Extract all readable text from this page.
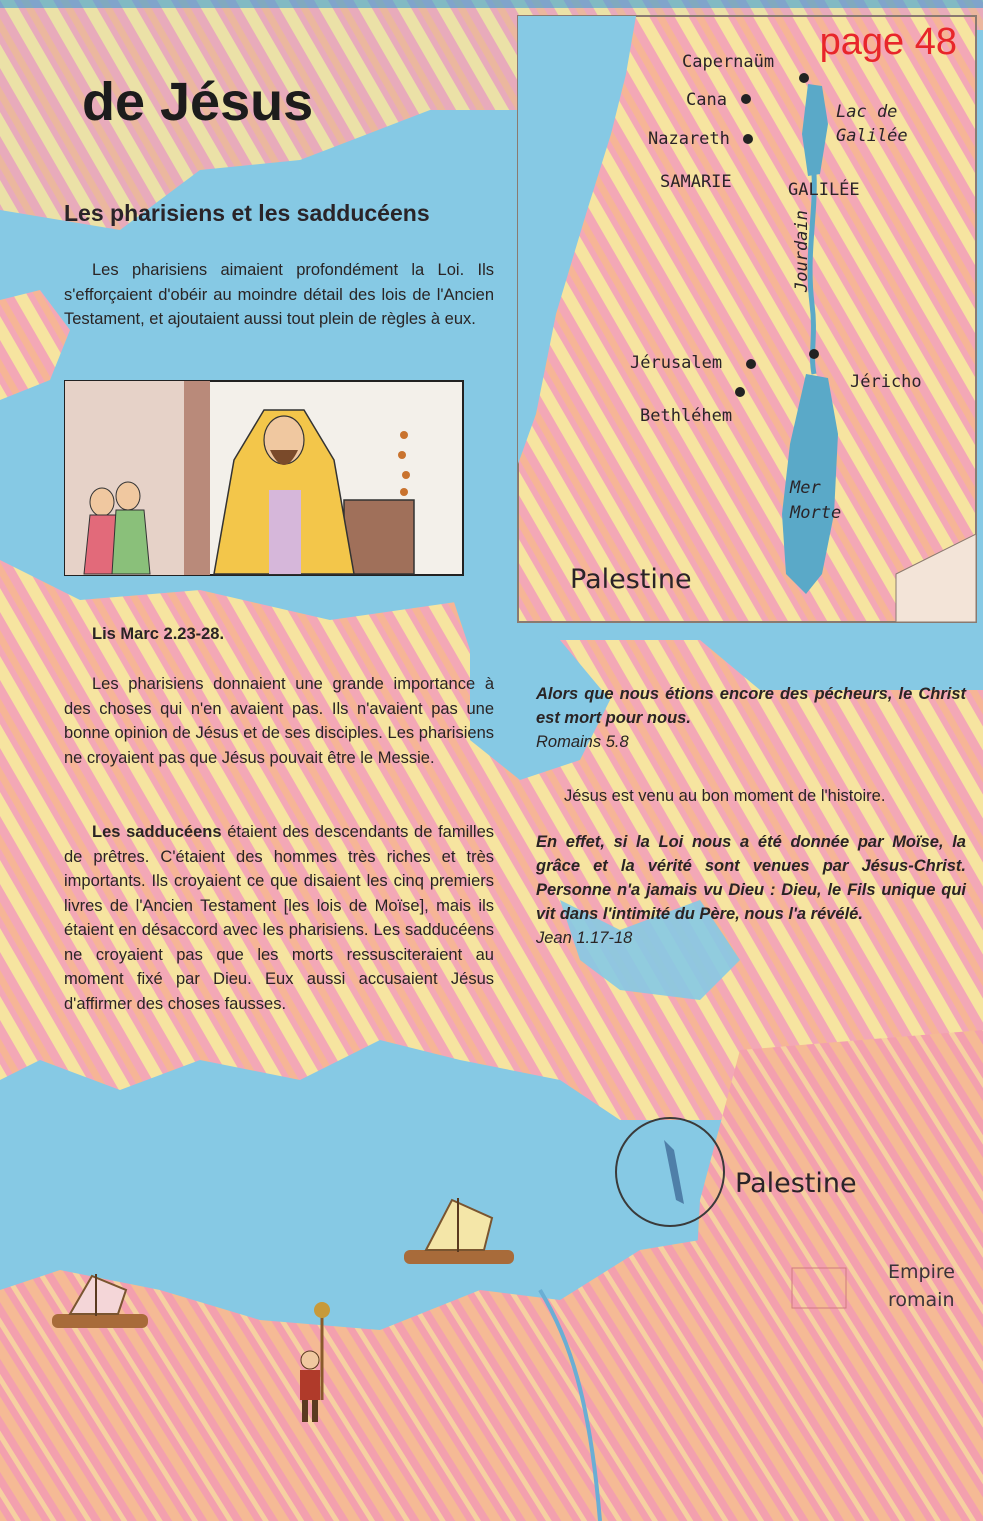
Capernaüm
Cana
Nazareth
Lac de
Galilée
SAMARIE	GALILÉE
Jourdain
Jérusalem
Jéricho
Bethléhem
Mer
Morte
Palestine
page 48
de Jésus
Les pharisiens et les sadducéens

Les pharisiens aimaient profondément la Loi. Ils s'efforçaient d'obéir au moindre détail des lois de l'Ancien Testament, et ajoutaient aussi tout plein de règles à eux.

Lis Marc 2.23-28.

Les pharisiens donnaient une grande importance à des choses qui n'en avaient pas. Ils n'avaient pas une bonne opinion de Jésus et de ses disciples. Les pharisiens ne croyaient pas que Jésus pouvait être le Messie.

Les sadducéens étaient des descendants de familles de prêtres. C'étaient des hommes très riches et très importants. Ils croyaient ce que disaient les cinq premiers livres de l'Ancien Testament [les lois de Moïse], mais ils étaient en désaccord avec les pharisiens. Les sadducéens ne croyaient pas que les morts ressusciteraient au moment fixé par Dieu. Eux aussi accusaient Jésus d'affirmer des choses fausses.

Alors que nous étions encore des pécheurs, le Christ est mort pour nous.

Romains 5.8

Jésus est venu au bon moment de l'histoire.

En effet, si la Loi nous a été donnée par Moïse, la grâce et la vérité sont venues par Jésus-Christ. Personne n'a jamais vu Dieu : Dieu, le Fils unique qui vit dans l'intimité du Père, nous l'a révélé.

Jean 1.17-18
Palestine
Empire
romain
